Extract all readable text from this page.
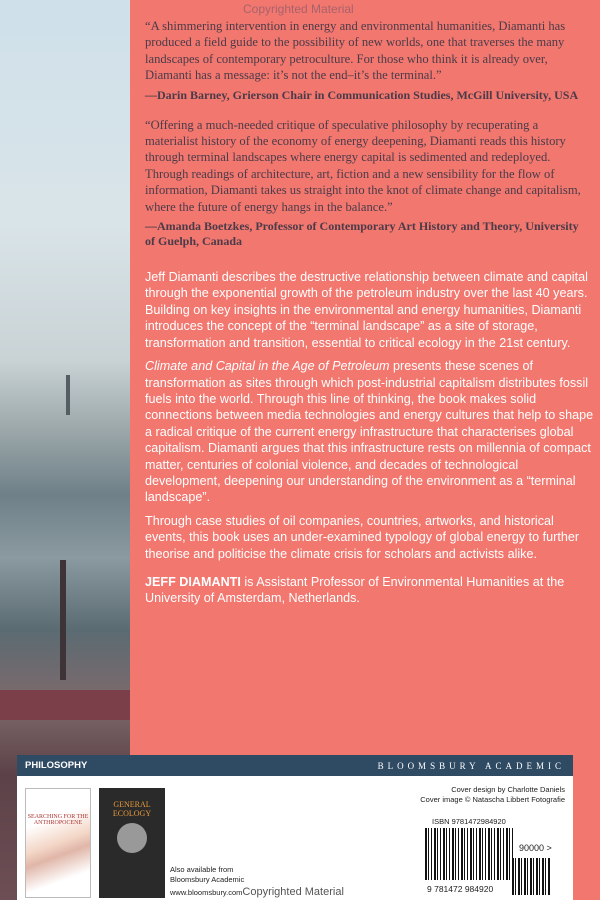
Copyrighted Material
“A shimmering intervention in energy and environmental humanities, Diamanti has produced a field guide to the possibility of new worlds, one that traverses the many landscapes of contemporary petroculture. For those who think it is already over, Diamanti has a message: it’s not the end–it’s the terminal.”
—Darin Barney, Grierson Chair in Communication Studies, McGill University, USA
“Offering a much-needed critique of speculative philosophy by recuperating a materialist history of the economy of energy deepening, Diamanti reads this history through terminal landscapes where energy capital is sedimented and redeployed. Through readings of architecture, art, fiction and a new sensibility for the flow of information, Diamanti takes us straight into the knot of climate change and capitalism, where the future of energy hangs in the balance.”
—Amanda Boetzkes, Professor of Contemporary Art History and Theory, University of Guelph, Canada

Jeff Diamanti describes the destructive relationship between climate and capital through the exponential growth of the petroleum industry over the last 40 years. Building on key insights in the environmental and energy humanities, Diamanti introduces the concept of the “terminal landscape” as a site of storage, transformation and transition, essential to critical ecology in the 21st century.

Climate and Capital in the Age of Petroleum presents these scenes of transformation as sites through which post-industrial capitalism distributes fossil fuels into the world. Through this line of thinking, the book makes solid connections between media technologies and energy cultures that help to shape a radical critique of the current energy infrastructure that characterises global capitalism. Diamanti argues that this infrastructure rests on millennia of compact matter, centuries of colonial violence, and decades of technological development, deepening our understanding of the environment as a “terminal landscape”.

Through case studies of oil companies, countries, artworks, and historical events, this book uses an under-examined typology of global energy to further theorise and politicise the climate crisis for scholars and activists alike.

JEFF DIAMANTI is Assistant Professor of Environmental Humanities at the University of Amsterdam, Netherlands.

PHILOSOPHY	BLOOMSBURY ACADEMIC
SEARCHING FOR THE ANTHROPOCENE
GENERAL ECOLOGY
Also available from
Bloomsbury Academic
www.bloomsbury.comCopyrighted Material
Cover design by Charlotte Daniels
Cover image © Natascha Libbert Fotografie
ISBN 9781472984920
90000 >
9 781472 984920
